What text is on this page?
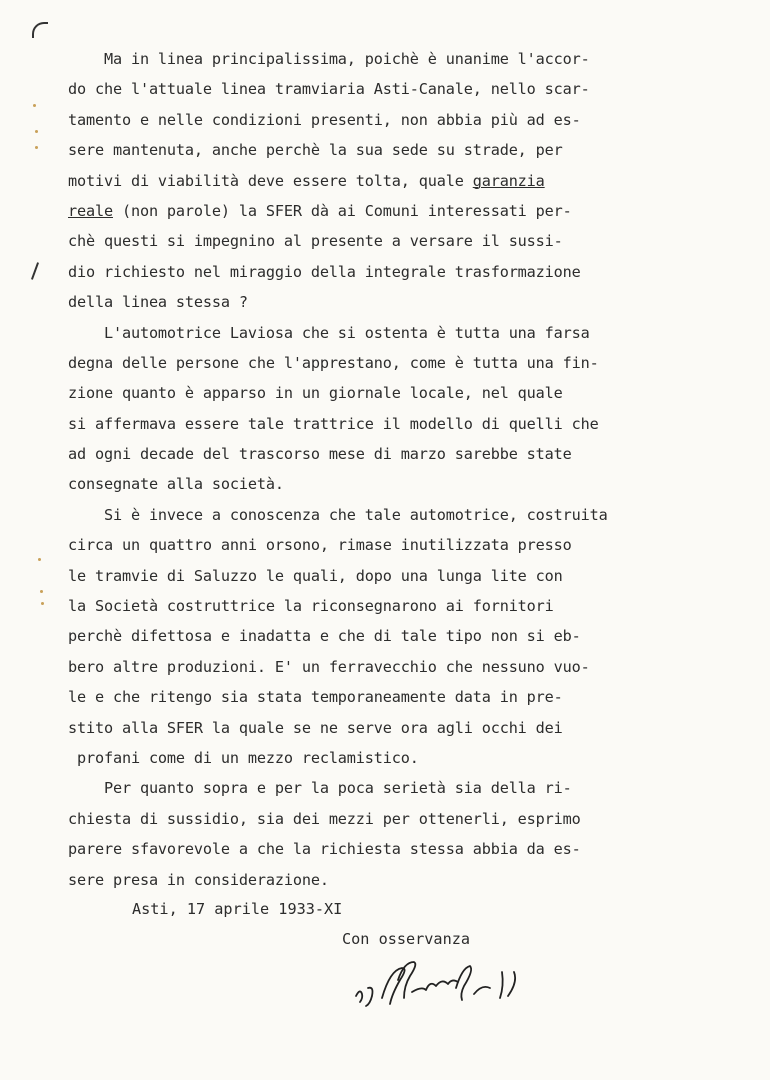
Ma in linea principalissima, poichè è unanime l'accor-
do che l'attuale linea tramviaria Asti-Canale, nello scar-
tamento e nelle condizioni presenti, non abbia più ad es-
sere mantenuta, anche perchè la sua sede su strade, per
motivi di viabilità deve essere tolta, quale garanzia
reale (non parole) la SFER dà ai Comuni interessati per-
chè questi si impegnino al presente a versare il sussi-
dio richiesto nel miraggio della integrale trasformazione
della linea stessa ?
L'automotrice Laviosa che si ostenta è tutta una farsa
degna delle persone che l'apprestano, come è tutta una fin-
zione quanto è apparso in un giornale locale, nel quale
si affermava essere tale trattrice il modello di quelli che
ad ogni decade del trascorso mese di marzo sarebbe state
consegnate alla società.
Si è invece a conoscenza che tale automotrice, costruita
circa un quattro anni orsono, rimase inutilizzata presso
le tramvie di Saluzzo le quali, dopo una lunga lite con
la Società costruttrice la riconsegnarono ai fornitori
perchè difettosa e inadatta e che di tale tipo non si eb-
bero altre produzioni. E' un ferravecchio che nessuno vuo-
le e che ritengo sia stata temporaneamente data in pre-
stito alla SFER la quale se ne serve ora agli occhi dei
profani come di un mezzo reclamistico.
Per quanto sopra e per la poca serietà sia della ri-
chiesta di sussidio, sia dei mezzi per ottenerli, esprimo
parere sfavorevole a che la richiesta stessa abbia da es-
sere presa in considerazione.
Asti, 17 aprile 1933-XI
Con osservanza
